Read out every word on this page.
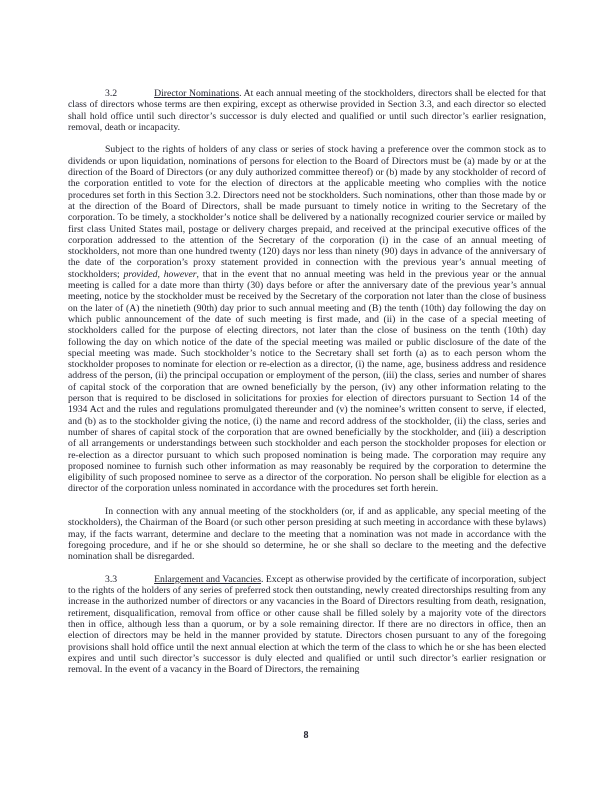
3.2	Director Nominations. At each annual meeting of the stockholders, directors shall be elected for that class of directors whose terms are then expiring, except as otherwise provided in Section 3.3, and each director so elected shall hold office until such director’s successor is duly elected and qualified or until such director’s earlier resignation, removal, death or incapacity.

Subject to the rights of holders of any class or series of stock having a preference over the common stock as to dividends or upon liquidation, nominations of persons for election to the Board of Directors must be (a) made by or at the direction of the Board of Directors (or any duly authorized committee thereof) or (b) made by any stockholder of record of the corporation entitled to vote for the election of directors at the applicable meeting who complies with the notice procedures set forth in this Section 3.2. Directors need not be stockholders. Such nominations, other than those made by or at the direction of the Board of Directors, shall be made pursuant to timely notice in writing to the Secretary of the corporation. To be timely, a stockholder’s notice shall be delivered by a nationally recognized courier service or mailed by first class United States mail, postage or delivery charges prepaid, and received at the principal executive offices of the corporation addressed to the attention of the Secretary of the corporation (i) in the case of an annual meeting of stockholders, not more than one hundred twenty (120) days nor less than ninety (90) days in advance of the anniversary of the date of the corporation’s proxy statement provided in connection with the previous year’s annual meeting of stockholders; provided, however, that in the event that no annual meeting was held in the previous year or the annual meeting is called for a date more than thirty (30) days before or after the anniversary date of the previous year’s annual meeting, notice by the stockholder must be received by the Secretary of the corporation not later than the close of business on the later of (A) the ninetieth (90th) day prior to such annual meeting and (B) the tenth (10th) day following the day on which public announcement of the date of such meeting is first made, and (ii) in the case of a special meeting of stockholders called for the purpose of electing directors, not later than the close of business on the tenth (10th) day following the day on which notice of the date of the special meeting was mailed or public disclosure of the date of the special meeting was made. Such stockholder’s notice to the Secretary shall set forth (a) as to each person whom the stockholder proposes to nominate for election or re-election as a director, (i) the name, age, business address and residence address of the person, (ii) the principal occupation or employment of the person, (iii) the class, series and number of shares of capital stock of the corporation that are owned beneficially by the person, (iv) any other information relating to the person that is required to be disclosed in solicitations for proxies for election of directors pursuant to Section 14 of the 1934 Act and the rules and regulations promulgated thereunder and (v) the nominee’s written consent to serve, if elected, and (b) as to the stockholder giving the notice, (i) the name and record address of the stockholder, (ii) the class, series and number of shares of capital stock of the corporation that are owned beneficially by the stockholder, and (iii) a description of all arrangements or understandings between such stockholder and each person the stockholder proposes for election or re-election as a director pursuant to which such proposed nomination is being made. The corporation may require any proposed nominee to furnish such other information as may reasonably be required by the corporation to determine the eligibility of such proposed nominee to serve as a director of the corporation. No person shall be eligible for election as a director of the corporation unless nominated in accordance with the procedures set forth herein.

In connection with any annual meeting of the stockholders (or, if and as applicable, any special meeting of the stockholders), the Chairman of the Board (or such other person presiding at such meeting in accordance with these bylaws) may, if the facts warrant, determine and declare to the meeting that a nomination was not made in accordance with the foregoing procedure, and if he or she should so determine, he or she shall so declare to the meeting and the defective nomination shall be disregarded.

3.3	Enlargement and Vacancies. Except as otherwise provided by the certificate of incorporation, subject to the rights of the holders of any series of preferred stock then outstanding, newly created directorships resulting from any increase in the authorized number of directors or any vacancies in the Board of Directors resulting from death, resignation, retirement, disqualification, removal from office or other cause shall be filled solely by a majority vote of the directors then in office, although less than a quorum, or by a sole remaining director. If there are no directors in office, then an election of directors may be held in the manner provided by statute. Directors chosen pursuant to any of the foregoing provisions shall hold office until the next annual election at which the term of the class to which he or she has been elected expires and until such director’s successor is duly elected and qualified or until such director’s earlier resignation or removal. In the event of a vacancy in the Board of Directors, the remaining

8
